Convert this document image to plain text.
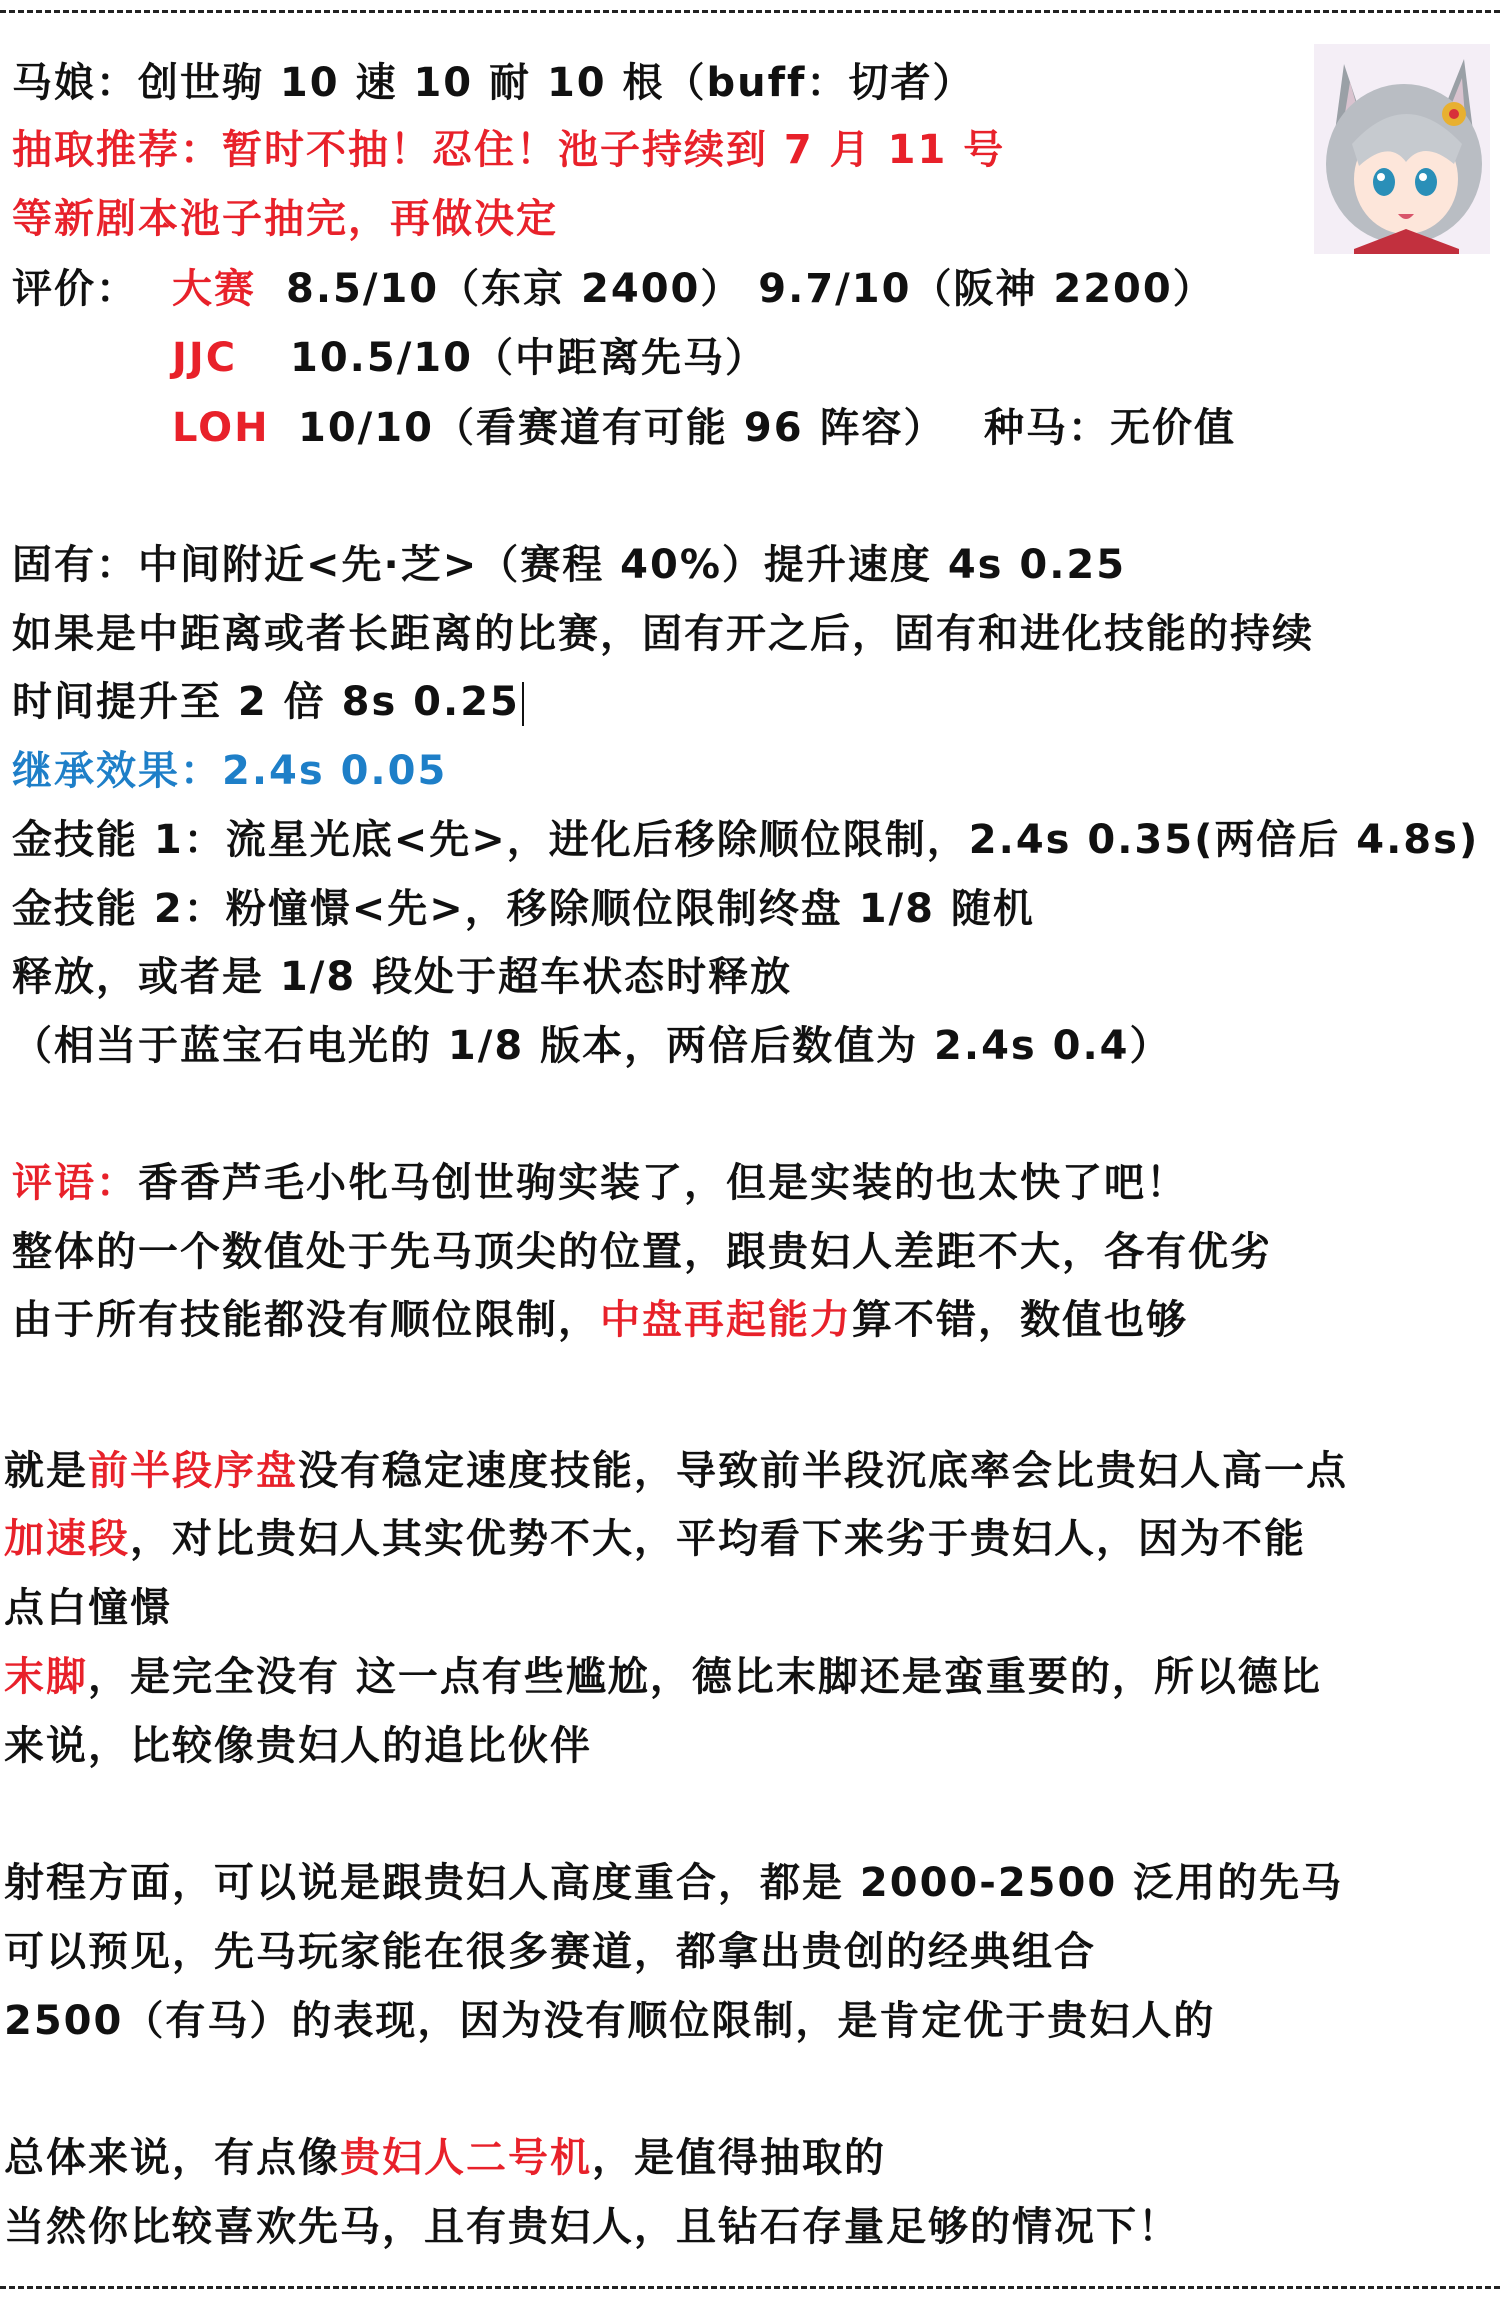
马娘：创世驹 10 速 10 耐 10 根（buff：切者）
抽取推荐：暂时不抽！忍住！池子持续到 7 月 11 号
等新剧本池子抽完，再做决定
评价： 大赛 8.5/10（东京 2400） 9.7/10（阪神 2200）
JJC 10.5/10（中距离先马）
LOH 10/10（看赛道有可能 96 阵容） 种马：无价值
固有：中间附近<先·芝>（赛程 40%）提升速度 4s 0.25
如果是中距离或者长距离的比赛，固有开之后，固有和进化技能的持续
时间提升至 2 倍 8s 0.25
继承效果：2.4s 0.05
金技能 1：流星光底<先>，进化后移除顺位限制，2.4s 0.35(两倍后 4.8s)
金技能 2：粉憧憬<先>，移除顺位限制终盘 1/8 随机
释放，或者是 1/8 段处于超车状态时释放
（相当于蓝宝石电光的 1/8 版本，两倍后数值为 2.4s 0.4）
评语：香香芦毛小牝马创世驹实装了，但是实装的也太快了吧！
整体的一个数值处于先马顶尖的位置，跟贵妇人差距不大，各有优劣
由于所有技能都没有顺位限制，中盘再起能力算不错，数值也够
就是前半段序盘没有稳定速度技能，导致前半段沉底率会比贵妇人高一点
加速段，对比贵妇人其实优势不大，平均看下来劣于贵妇人，因为不能
点白憧憬
末脚，是完全没有 这一点有些尴尬，德比末脚还是蛮重要的，所以德比
来说，比较像贵妇人的追比伙伴
射程方面，可以说是跟贵妇人高度重合，都是 2000-2500 泛用的先马
可以预见，先马玩家能在很多赛道，都拿出贵创的经典组合
2500（有马）的表现，因为没有顺位限制，是肯定优于贵妇人的
总体来说，有点像贵妇人二号机，是值得抽取的
当然你比较喜欢先马，且有贵妇人，且钻石存量足够的情况下！
